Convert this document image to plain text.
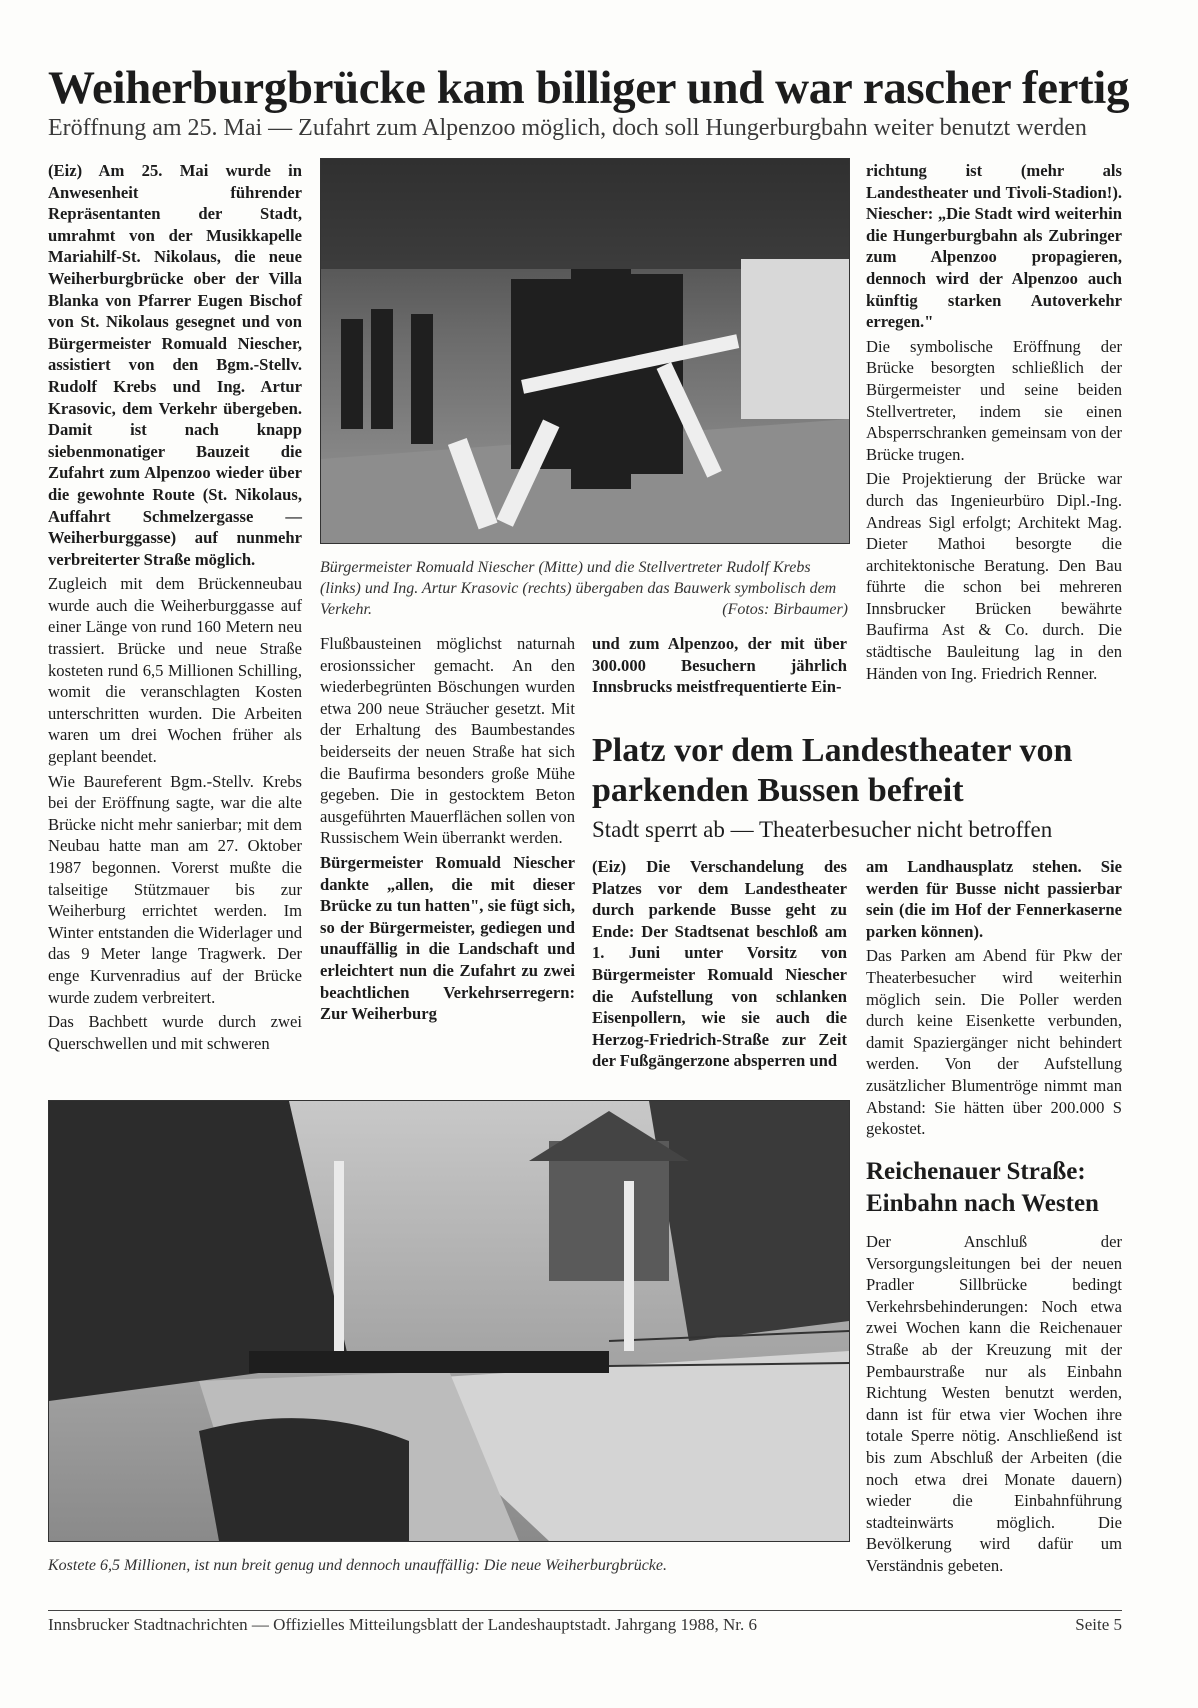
Weiherburgbrücke kam billiger und war rascher fertig
Eröffnung am 25. Mai — Zufahrt zum Alpenzoo möglich, doch soll Hungerburgbahn weiter benutzt werden

(Eiz) Am 25. Mai wurde in Anwesenheit führender Repräsentanten der Stadt, umrahmt von der Musikkapelle Mariahilf-St. Nikolaus, die neue Weiherburgbrücke ober der Villa Blanka von Pfarrer Eugen Bischof von St. Nikolaus gesegnet und von Bürgermeister Romuald Niescher, assistiert von den Bgm.-Stellv. Rudolf Krebs und Ing. Artur Krasovic, dem Verkehr übergeben. Damit ist nach knapp siebenmonatiger Bauzeit die Zufahrt zum Alpenzoo wieder über die gewohnte Route (St. Nikolaus, Auffahrt Schmelzergasse — Weiherburggasse) auf nunmehr verbreiterter Straße möglich.

Zugleich mit dem Brückenneubau wurde auch die Weiherburggasse auf einer Länge von rund 160 Metern neu trassiert. Brücke und neue Straße kosteten rund 6,5 Millionen Schilling, womit die veranschlagten Kosten unterschritten wurden. Die Arbeiten waren um drei Wochen früher als geplant beendet.

Wie Baureferent Bgm.-Stellv. Krebs bei der Eröffnung sagte, war die alte Brücke nicht mehr sanierbar; mit dem Neubau hatte man am 27. Oktober 1987 begonnen. Vorerst mußte die talseitige Stützmauer bis zur Weiherburg errichtet werden. Im Winter entstanden die Widerlager und das 9 Meter lange Tragwerk. Der enge Kurvenradius auf der Brücke wurde zudem verbreitert.

Das Bachbett wurde durch zwei Querschwellen und mit schweren

Bürgermeister Romuald Niescher (Mitte) und die Stellvertreter Rudolf Krebs (links) und Ing. Artur Krasovic (rechts) übergaben das Bauwerk symbolisch dem Verkehr.	(Fotos: Birbaumer)

Flußbausteinen möglichst naturnah erosionssicher gemacht. An den wiederbegrünten Böschungen wurden etwa 200 neue Sträucher gesetzt. Mit der Erhaltung des Baumbestandes beiderseits der neuen Straße hat sich die Baufirma besonders große Mühe gegeben. Die in gestocktem Beton ausgeführten Mauerflächen sollen von Russischem Wein überrankt werden.

Bürgermeister Romuald Niescher dankte „allen, die mit dieser Brücke zu tun hatten", sie fügt sich, so der Bürgermeister, gediegen und unauffällig in die Landschaft und erleichtert nun die Zufahrt zu zwei beachtlichen Verkehrserregern: Zur Weiherburg

und zum Alpenzoo, der mit über 300.000 Besuchern jährlich Innsbrucks meistfrequentierte Ein-

richtung ist (mehr als Landestheater und Tivoli-Stadion!). Niescher: „Die Stadt wird weiterhin die Hungerburgbahn als Zubringer zum Alpenzoo propagieren, dennoch wird der Alpenzoo auch künftig starken Autoverkehr erregen."

Die symbolische Eröffnung der Brücke besorgten schließlich der Bürgermeister und seine beiden Stellvertreter, indem sie einen Absperrschranken gemeinsam von der Brücke trugen.

Die Projektierung der Brücke war durch das Ingenieurbüro Dipl.-Ing. Andreas Sigl erfolgt; Architekt Mag. Dieter Mathoi besorgte die architektonische Beratung. Den Bau führte die schon bei mehreren Innsbrucker Brücken bewährte Baufirma Ast & Co. durch. Die städtische Bauleitung lag in den Händen von Ing. Friedrich Renner.

Platz vor dem Landestheater von parkenden Bussen befreit
Stadt sperrt ab — Theaterbesucher nicht betroffen
(Eiz) Die Verschandelung des Platzes vor dem Landestheater durch parkende Busse geht zu Ende: Der Stadtsenat beschloß am 1. Juni unter Vorsitz von Bürgermeister Romuald Niescher die Aufstellung von schlanken Eisenpollern, wie sie auch die Herzog-Friedrich-Straße zur Zeit der Fußgängerzone absperren und

am Landhausplatz stehen. Sie werden für Busse nicht passierbar sein (die im Hof der Fennerkaserne parken können).

Das Parken am Abend für Pkw der Theaterbesucher wird weiterhin möglich sein. Die Poller werden durch keine Eisenkette verbunden, damit Spaziergänger nicht behindert werden. Von der Aufstellung zusätzlicher Blumentröge nimmt man Abstand: Sie hätten über 200.000 S gekostet.

Kostete 6,5 Millionen, ist nun breit genug und dennoch unauffällig: Die neue Weiherburgbrücke.
Reichenauer Straße: Einbahn nach Westen
Der Anschluß der Versorgungsleitungen bei der neuen Pradler Sillbrücke bedingt Verkehrsbehinderungen: Noch etwa zwei Wochen kann die Reichenauer Straße ab der Kreuzung mit der Pembaurstraße nur als Einbahn Richtung Westen benutzt werden, dann ist für etwa vier Wochen ihre totale Sperre nötig. Anschließend ist bis zum Abschluß der Arbeiten (die noch etwa drei Monate dauern) wieder die Einbahnführung stadteinwärts möglich. Die Bevölkerung wird dafür um Verständnis gebeten.
Innsbrucker Stadtnachrichten — Offizielles Mitteilungsblatt der Landeshauptstadt. Jahrgang 1988, Nr. 6	Seite 5
